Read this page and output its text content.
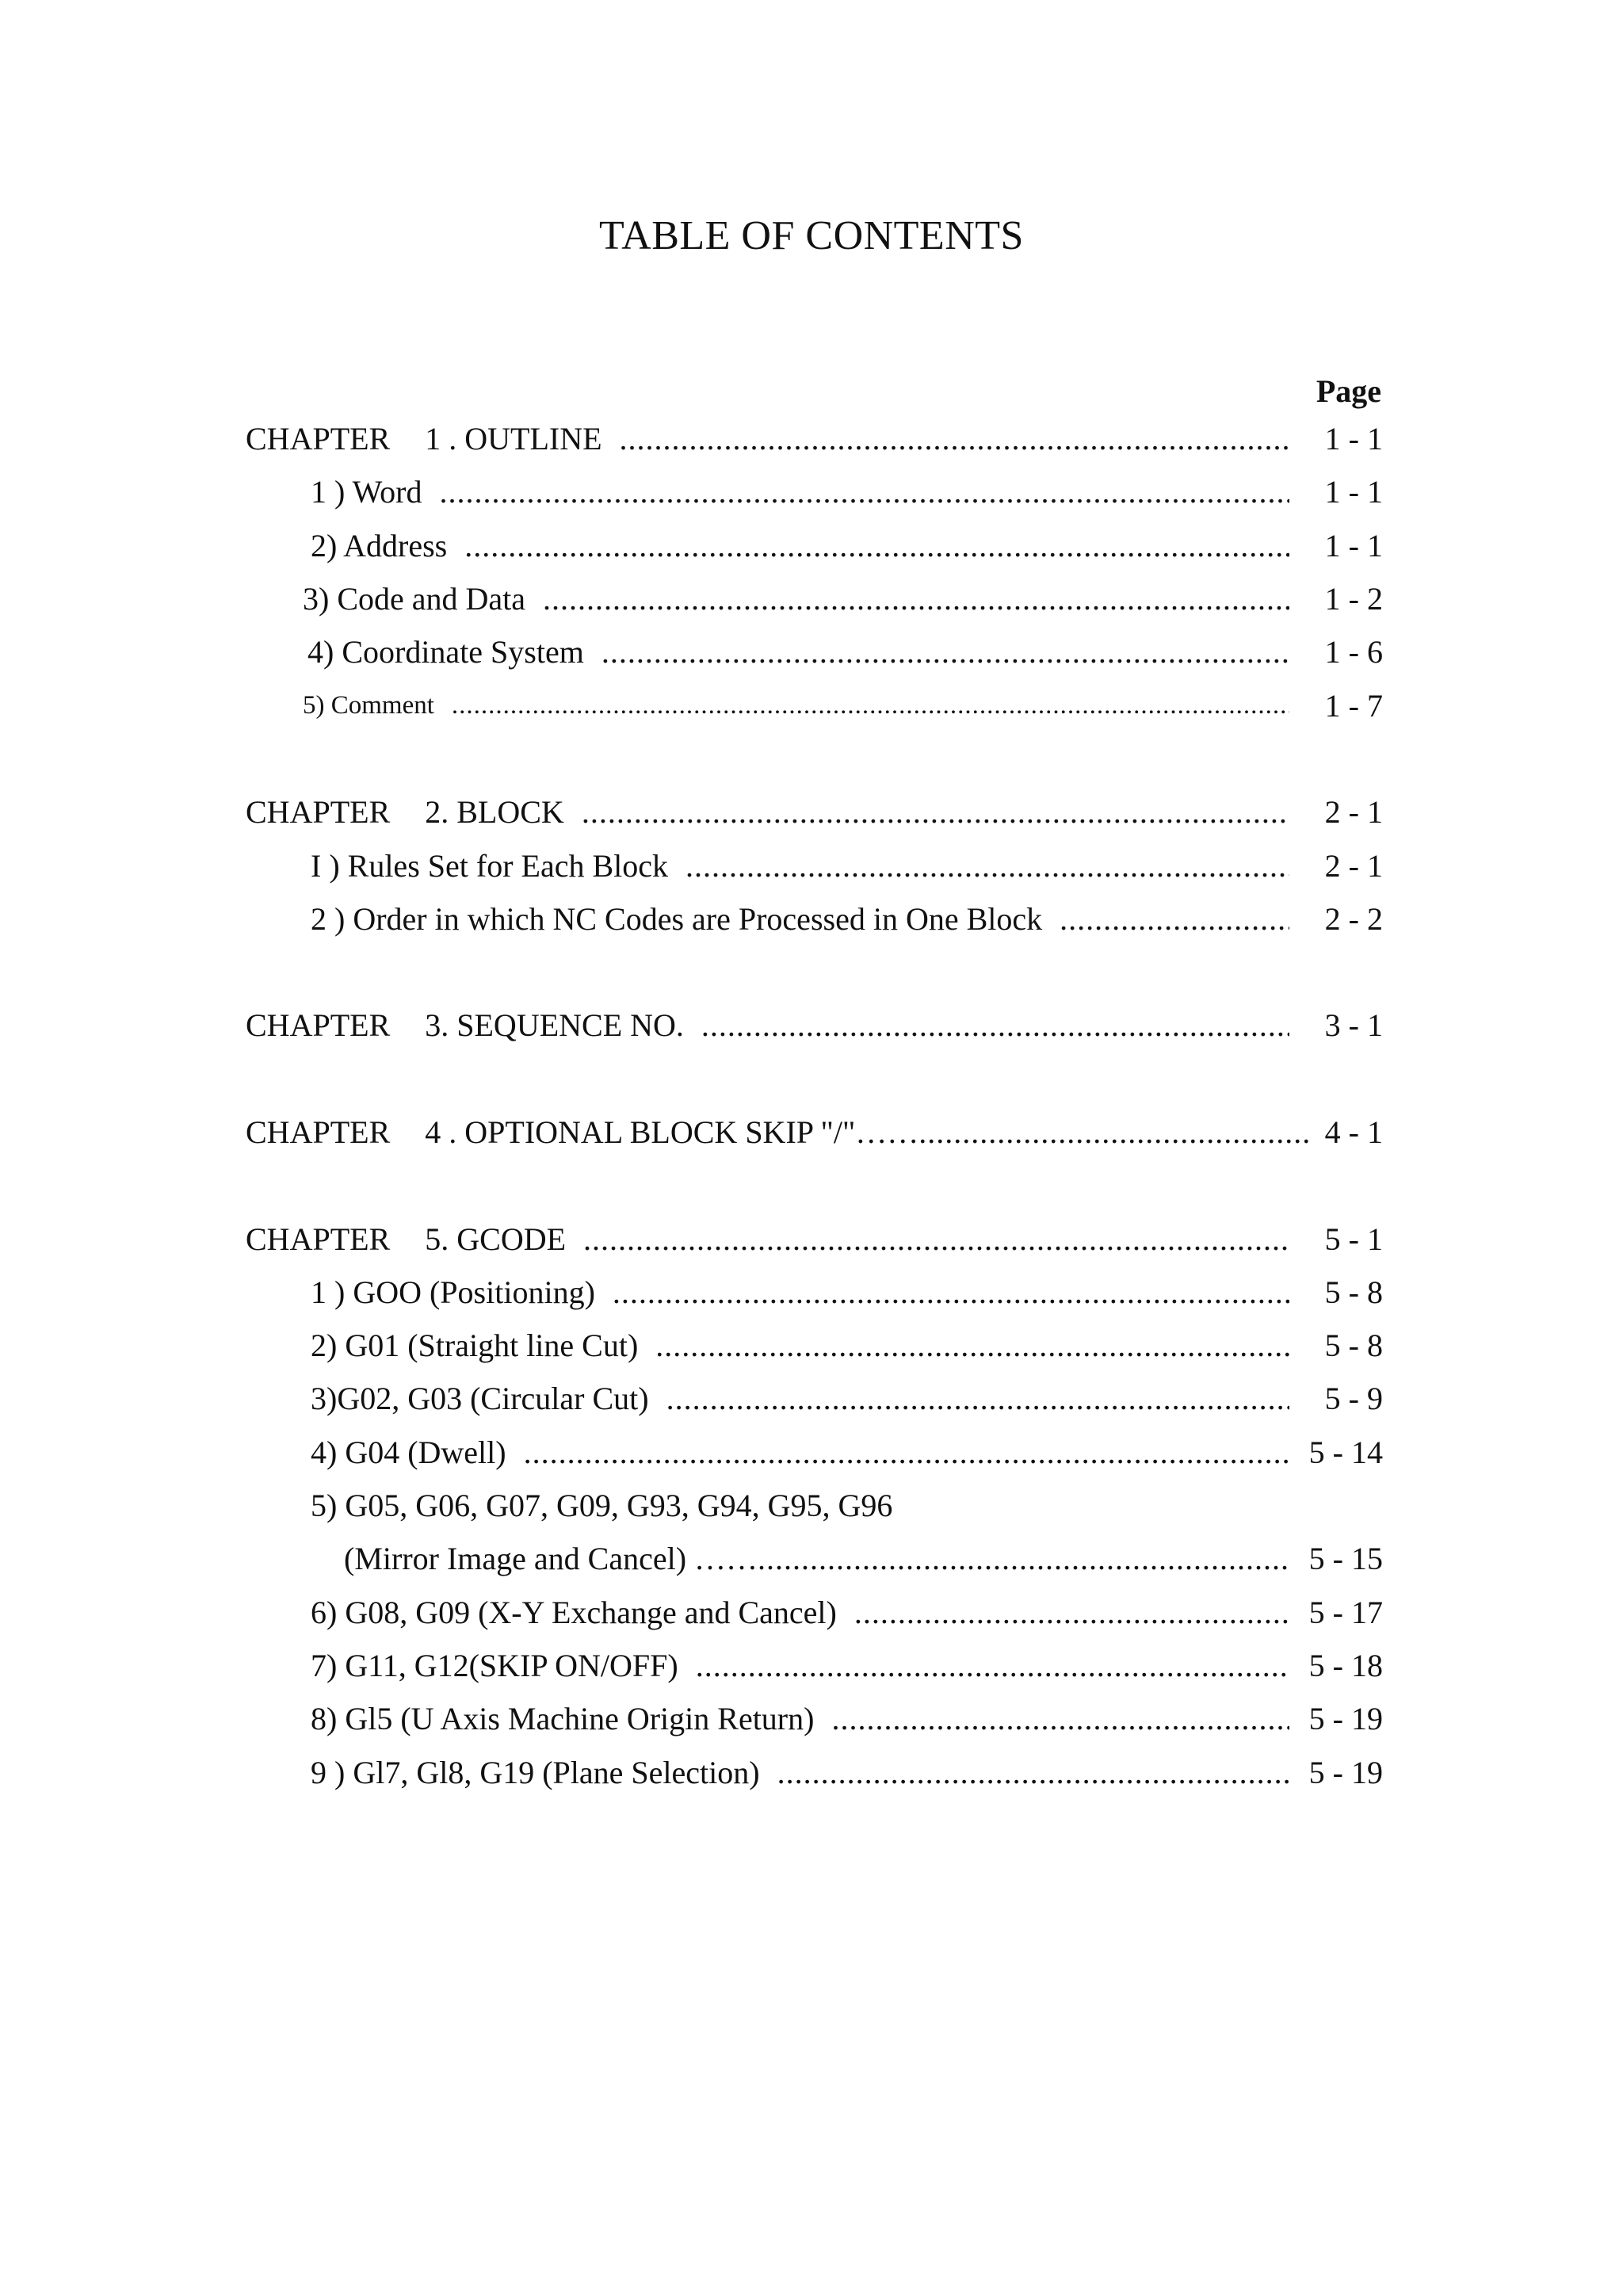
TABLE OF CONTENTS
Page
CHAPTER 1 . OUTLINE .....	1 - 1
1 ) Word .....	1 - 1
2) Address .....	1 - 1
3) Code and Data .....	1 - 2
4) Coordinate System .....	1 - 6
5) Comment .....	1 - 7
CHAPTER 2. BLOCK .....	2 - 1
I ) Rules Set for Each Block .....	2 - 1
2 ) Order in which NC Codes are Processed in One Block .....	2 - 2
CHAPTER 3. SEQUENCE NO. .....	3 - 1
CHAPTER 4 . OPTIONAL BLOCK SKIP "/"…… .....	4 - 1
CHAPTER 5. GCODE .....	5 - 1
1 ) GOO (Positioning) .....	5 - 8
2) G01 (Straight line Cut) .....	5 - 8
3)G02, G03 (Circular Cut) .....	5 - 9
4) G04 (Dwell) .....	5 - 14
5) G05, G06, G07, G09, G93, G94, G95, G96
(Mirror Image and Cancel) …… .....	5 - 15
6) G08, G09 (X-Y Exchange and Cancel) .....	5 - 17
7) G11, G12(SKIP ON/OFF) .....	5 - 18
8) Gl5 (U Axis Machine Origin Return) .....	5 - 19
9 ) Gl7, Gl8, G19 (Plane Selection) .....	5 - 19
